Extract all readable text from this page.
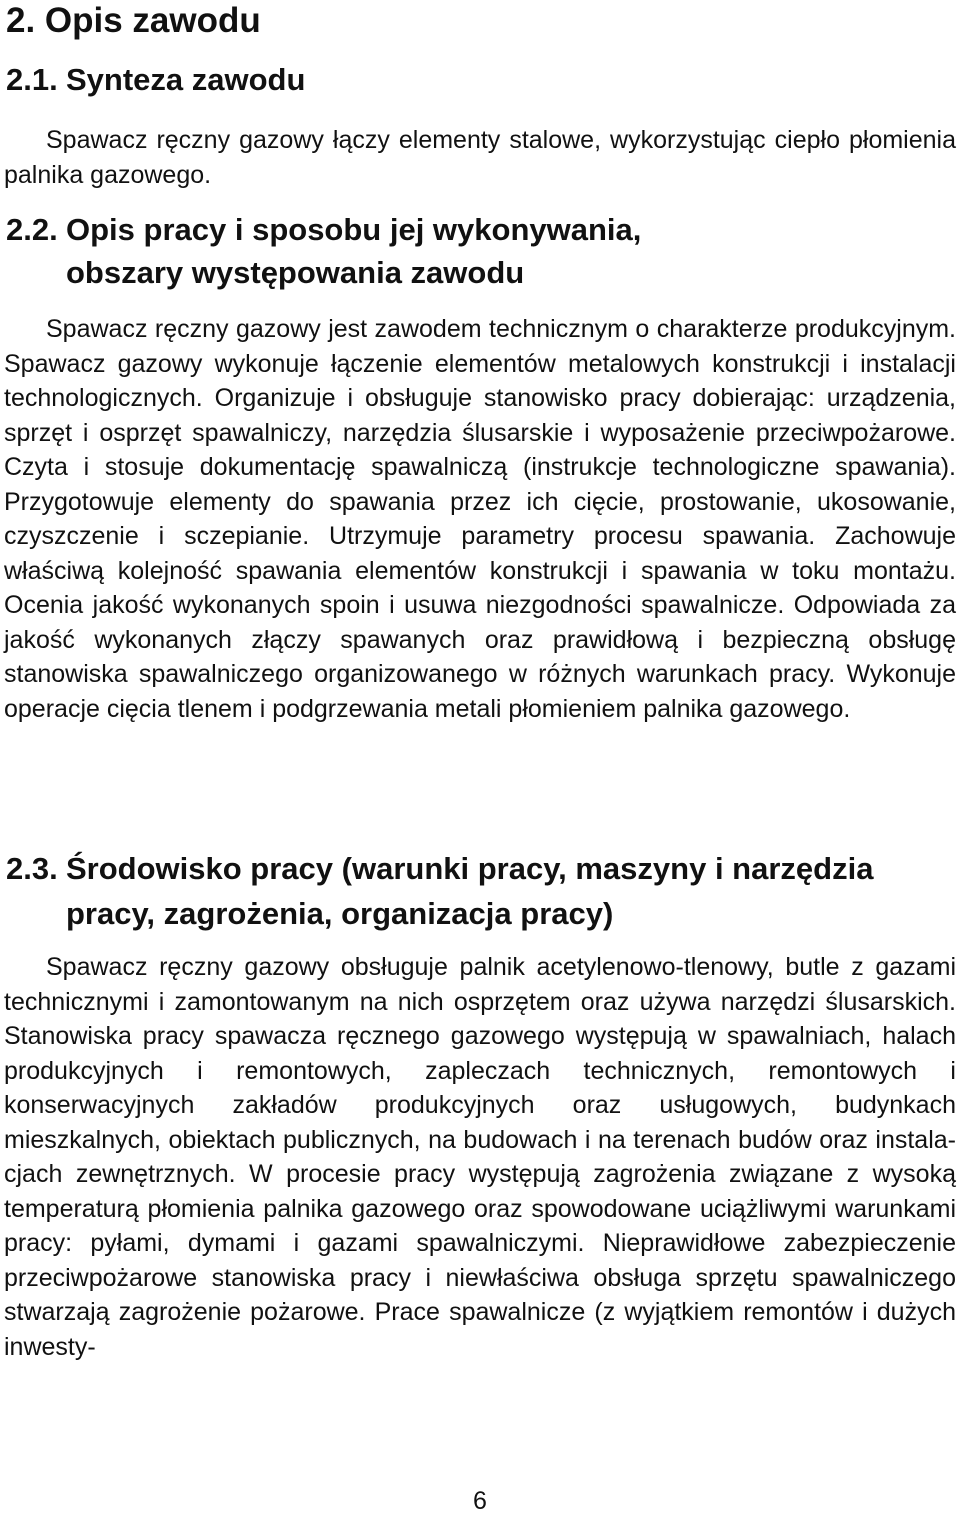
2. Opis zawodu
2.1. Synteza zawodu

Spawacz ręczny gazowy łączy elementy stalowe, wykorzystując ciepło płomienia palnika gazowego.

2.2. Opis pracy i sposobu jej wykonywania, obszary występowania zawodu

Spawacz ręczny gazowy jest zawodem technicznym o charakterze produkcyjnym. Spawacz gazowy wykonuje łączenie elementów metalowych konstrukcji i instalacji technologicznych. Organizuje i obsługuje stanowisko pracy dobierając: urządzenia, sprzęt i osprzęt spawalniczy, narzędzia ślusarskie i wyposażenie przeciwpożarowe. Czyta i stosuje dokumentację spawalniczą (instrukcje technologiczne spawania). Przygotowuje elementy do spawania przez ich cięcie, prostowanie, ukosowanie, czyszczenie i sczepianie. Utrzymuje parametry procesu spawania. Zachowuje właściwą kolejność spawania elementów konstrukcji i spawania w toku montażu. Ocenia jakość wykonanych spoin i usuwa niezgodności spawalnicze. Odpowiada za jakość wykonanych złączy spawanych oraz prawidłową i bezpieczną obsługę stanowiska spawalniczego organizowanego w różnych warunkach pracy. Wykonuje operacje cięcia tlenem i podgrzewania metali płomieniem palnika gazowego.

2.3. Środowisko pracy (warunki pracy, maszyny i narzędzia pracy, zagrożenia, organizacja pracy)

Spawacz ręczny gazowy obsługuje palnik acetylenowo-tlenowy, butle z gazami technicznymi i zamontowanym na nich osprzętem oraz używa narzędzi ślusarskich. Stanowiska pracy spawacza ręcznego gazowego występują w spawalniach, halach produkcyjnych i remontowych, zapleczach technicznych, remontowych i konserwacyjnych zakładów produkcyjnych oraz usługowych, budynkach mieszkalnych, obiektach publicznych, na budowach i na terenach budów oraz instalacjach zewnętrznych. W procesie pracy występują zagrożenia związane z wysoką temperaturą płomienia palnika gazowego oraz spowodowane uciążliwymi warunkami pracy: pyłami, dymami i gazami spawalniczymi. Nieprawidłowe zabezpieczenie przeciwpożarowe stanowiska pracy i niewłaściwa obsługa sprzętu spawalniczego stwarzają zagrożenie pożarowe. Prace spawalnicze (z wyjątkiem remontów i dużych inwesty-

6
